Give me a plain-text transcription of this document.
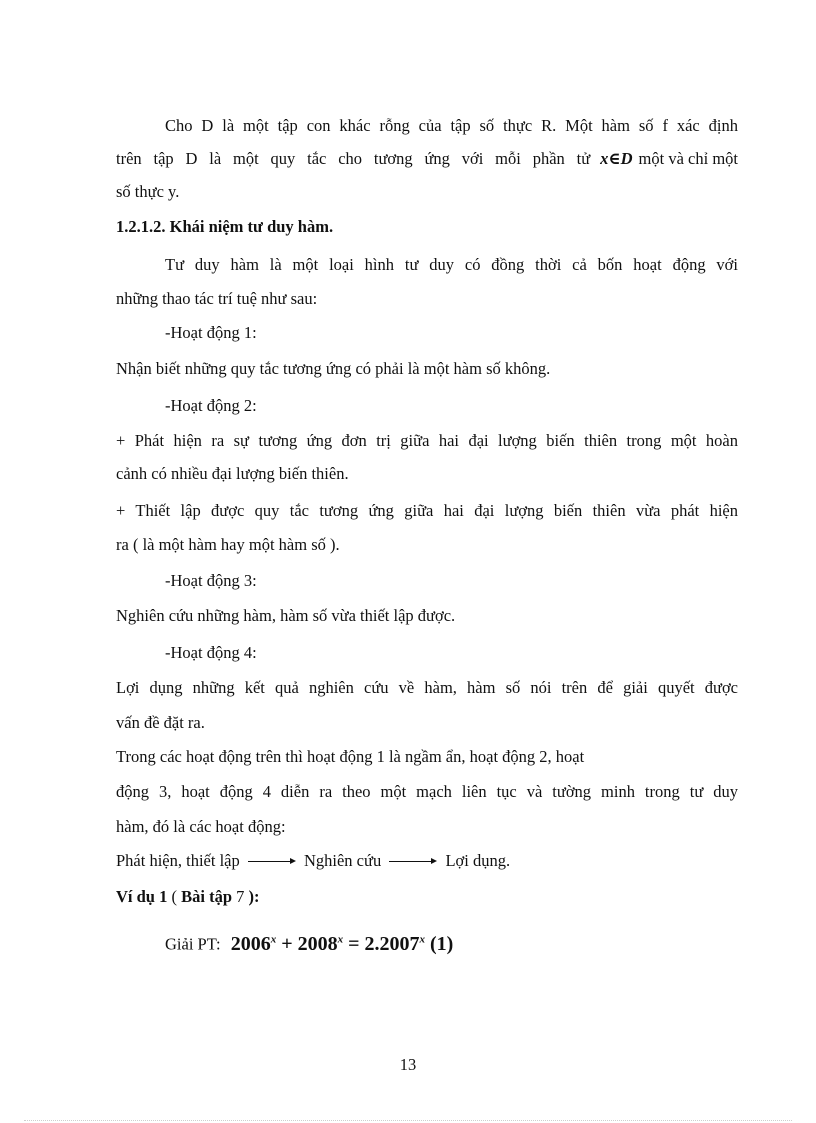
Cho D là một tập con khác rỗng của tập số thực R. Một hàm số f xác định
trên tập D là một quy tắc cho tương ứng với mỗi phần tử x∈D một và chỉ một
số thực y.
1.2.1.2. Khái niệm tư duy hàm.
Tư duy hàm là một loại hình tư duy có đồng thời cả bốn hoạt động với
những thao tác trí tuệ như sau:
-Hoạt động 1:
Nhận biết những quy tắc tương ứng có phải là một hàm số không.
-Hoạt động 2:
+ Phát hiện ra sự tương ứng đơn trị giữa hai đại lượng biến thiên trong một hoàn
cảnh có nhiều đại lượng biến thiên.
+ Thiết lập được quy tắc tương ứng giữa hai đại lượng biến thiên vừa phát hiện
ra ( là một hàm hay một hàm số ).
-Hoạt động 3:
Nghiên cứu những hàm, hàm số vừa thiết lập được.
-Hoạt động 4:
Lợi dụng những kết quả nghiên cứu về hàm, hàm số nói trên để giải quyết được
vấn đề đặt ra.
Trong các hoạt động trên thì hoạt động 1 là ngầm ẩn, hoạt động 2, hoạt
động 3, hoạt động 4 diễn ra theo một mạch liên tục và tường minh trong tư duy
hàm, đó là các hoạt động:
Phát hiện, thiết lập	Nghiên cứu	Lợi dụng.
Ví dụ 1 ( Bài tập 7 ):
Giải PT: $2006^x + 2008^x = 2.2007^x$ (1)
13
